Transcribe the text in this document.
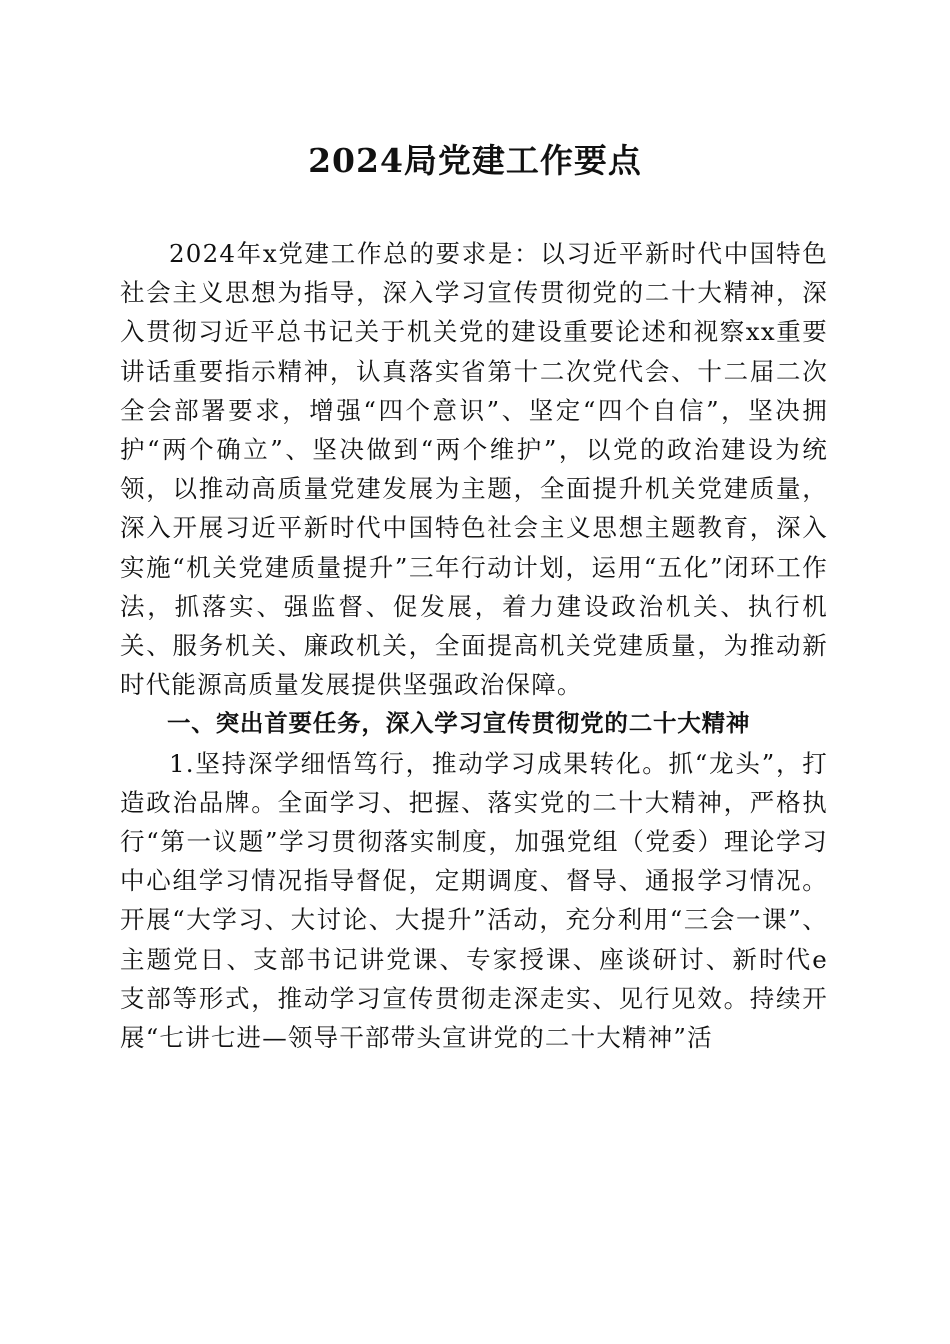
2024局党建工作要点

2024年x党建工作总的要求是：以习近平新时代中国特色社会主义思想为指导，深入学习宣传贯彻党的二十大精神，深入贯彻习近平总书记关于机关党的建设重要论述和视察xx重要讲话重要指示精神，认真落实省第十二次党代会、十二届二次全会部署要求，增强“四个意识”、坚定“四个自信”，坚决拥护“两个确立”、坚决做到“两个维护”，以党的政治建设为统领，以推动高质量党建发展为主题，全面提升机关党建质量，深入开展习近平新时代中国特色社会主义思想主题教育，深入实施“机关党建质量提升”三年行动计划，运用“五化”闭环工作法，抓落实、强监督、促发展，着力建设政治机关、执行机关、服务机关、廉政机关，全面提高机关党建质量，为推动新时代能源高质量发展提供坚强政治保障。

一、突出首要任务，深入学习宣传贯彻党的二十大精神

1.坚持深学细悟笃行，推动学习成果转化。抓“龙头”，打造政治品牌。全面学习、把握、落实党的二十大精神，严格执行“第一议题”学习贯彻落实制度，加强党组（党委）理论学习中心组学习情况指导督促，定期调度、督导、通报学习情况。开展“大学习、大讨论、大提升”活动，充分利用“三会一课”、主题党日、支部书记讲党课、专家授课、座谈研讨、新时代e支部等形式，推动学习宣传贯彻走深走实、见行见效。持续开展“七讲七进—领导干部带头宣讲党的二十大精神”活
